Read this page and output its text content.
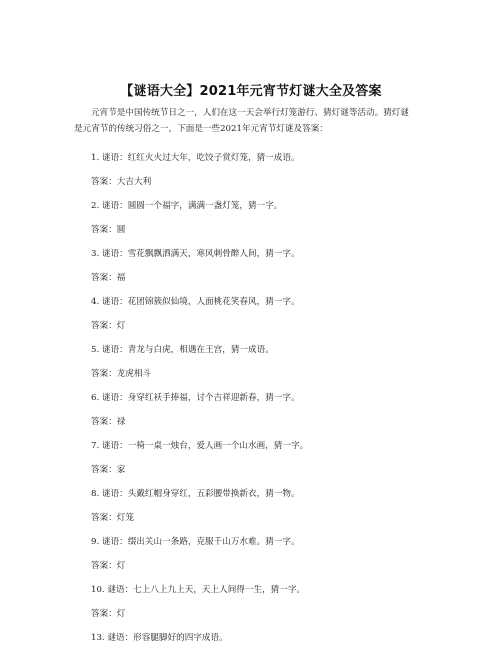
【谜语大全】2021年元宵节灯谜大全及答案
元宵节是中国传统节日之一，人们在这一天会举行灯笼游行、猜灯谜等活动。猜灯谜
是元宵节的传统习俗之一，下面是一些2021年元宵节灯谜及答案：
1. 谜语：红红火火过大年，吃饺子赏灯笼，猜一成语。
答案：大吉大利
2. 谜语：圆圆一个福字，满满一盏灯笼，猜一字。
答案：圆
3. 谜语：雪花飘飘洒满天，寒风刺骨醉人间，猜一字。
答案：福
4. 谜语：花团锦簇似仙境，人面桃花笑春风，猜一字。
答案：灯
5. 谜语：青龙与白虎，相遇在王宫，猜一成语。
答案：龙虎相斗
6. 谜语：身穿红袄手捧福，讨个吉祥迎新春，猜一字。
答案：禄
7. 谜语：一椅一桌一烛台，爱人画一个山水画，猜一字。
答案：家
8. 谜语：头戴红帽身穿红，五彩腰带换新衣，猜一物。
答案：灯笼
9. 谜语：缀出关山一条路，克服千山万水难。猜一字。
答案：灯
10. 谜语：七上八上九上天，天上人间得一生，猜一字。
答案：灯
13. 谜语：形容腿脚好的四字成语。
